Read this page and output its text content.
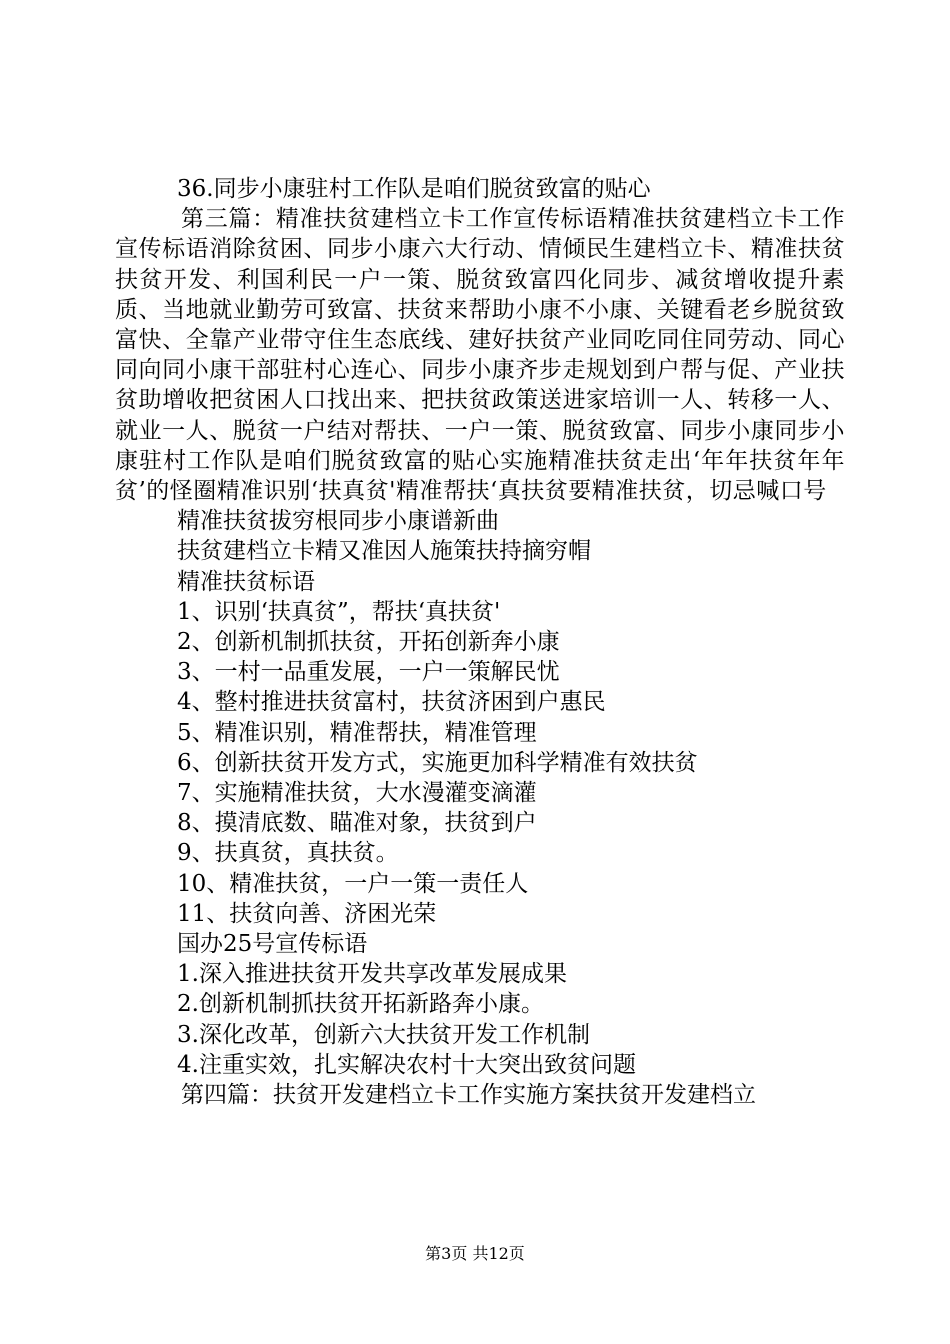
36.同步小康驻村工作队是咱们脱贫致富的贴心

第三篇：精准扶贫建档立卡工作宣传标语精准扶贫建档立卡工作宣传标语消除贫困、同步小康六大行动、情倾民生建档立卡、精准扶贫扶贫开发、利国利民一户一策、脱贫致富四化同步、减贫增收提升素质、当地就业勤劳可致富、扶贫来帮助小康不小康、关键看老乡脱贫致富快、全靠产业带守住生态底线、建好扶贫产业同吃同住同劳动、同心同向同小康干部驻村心连心、同步小康齐步走规划到户帮与促、产业扶贫助增收把贫困人口找出来、把扶贫政策送进家培训一人、转移一人、就业一人、脱贫一户结对帮扶、一户一策、脱贫致富、同步小康同步小康驻村工作队是咱们脱贫致富的贴心实施精准扶贫走出‘年年扶贫年年贫’的怪圈精准识别‘扶真贫'精准帮扶‘真扶贫要精准扶贫，切忌喊口号

精准扶贫拔穷根同步小康谱新曲
扶贫建档立卡精又准因人施策扶持摘穷帽
精准扶贫标语
1、识别‘扶真贫”，帮扶‘真扶贫'
2、创新机制抓扶贫，开拓创新奔小康
3、一村一品重发展，一户一策解民忧
4、整村推进扶贫富村，扶贫济困到户惠民
5、精准识别，精准帮扶，精准管理
6、创新扶贫开发方式，实施更加科学精准有效扶贫
7、实施精准扶贫，大水漫灌变滴灌
8、摸清底数、瞄准对象，扶贫到户
9、扶真贫，真扶贫。
10、精准扶贫，一户一策一责任人
11、扶贫向善、济困光荣
国办25号宣传标语
1.深入推进扶贫开发共享改革发展成果
2.创新机制抓扶贫开拓新路奔小康。
3.深化改革，创新六大扶贫开发工作机制
4.注重实效，扎实解决农村十大突出致贫问题
第四篇：扶贫开发建档立卡工作实施方案扶贫开发建档立
第3页 共12页
